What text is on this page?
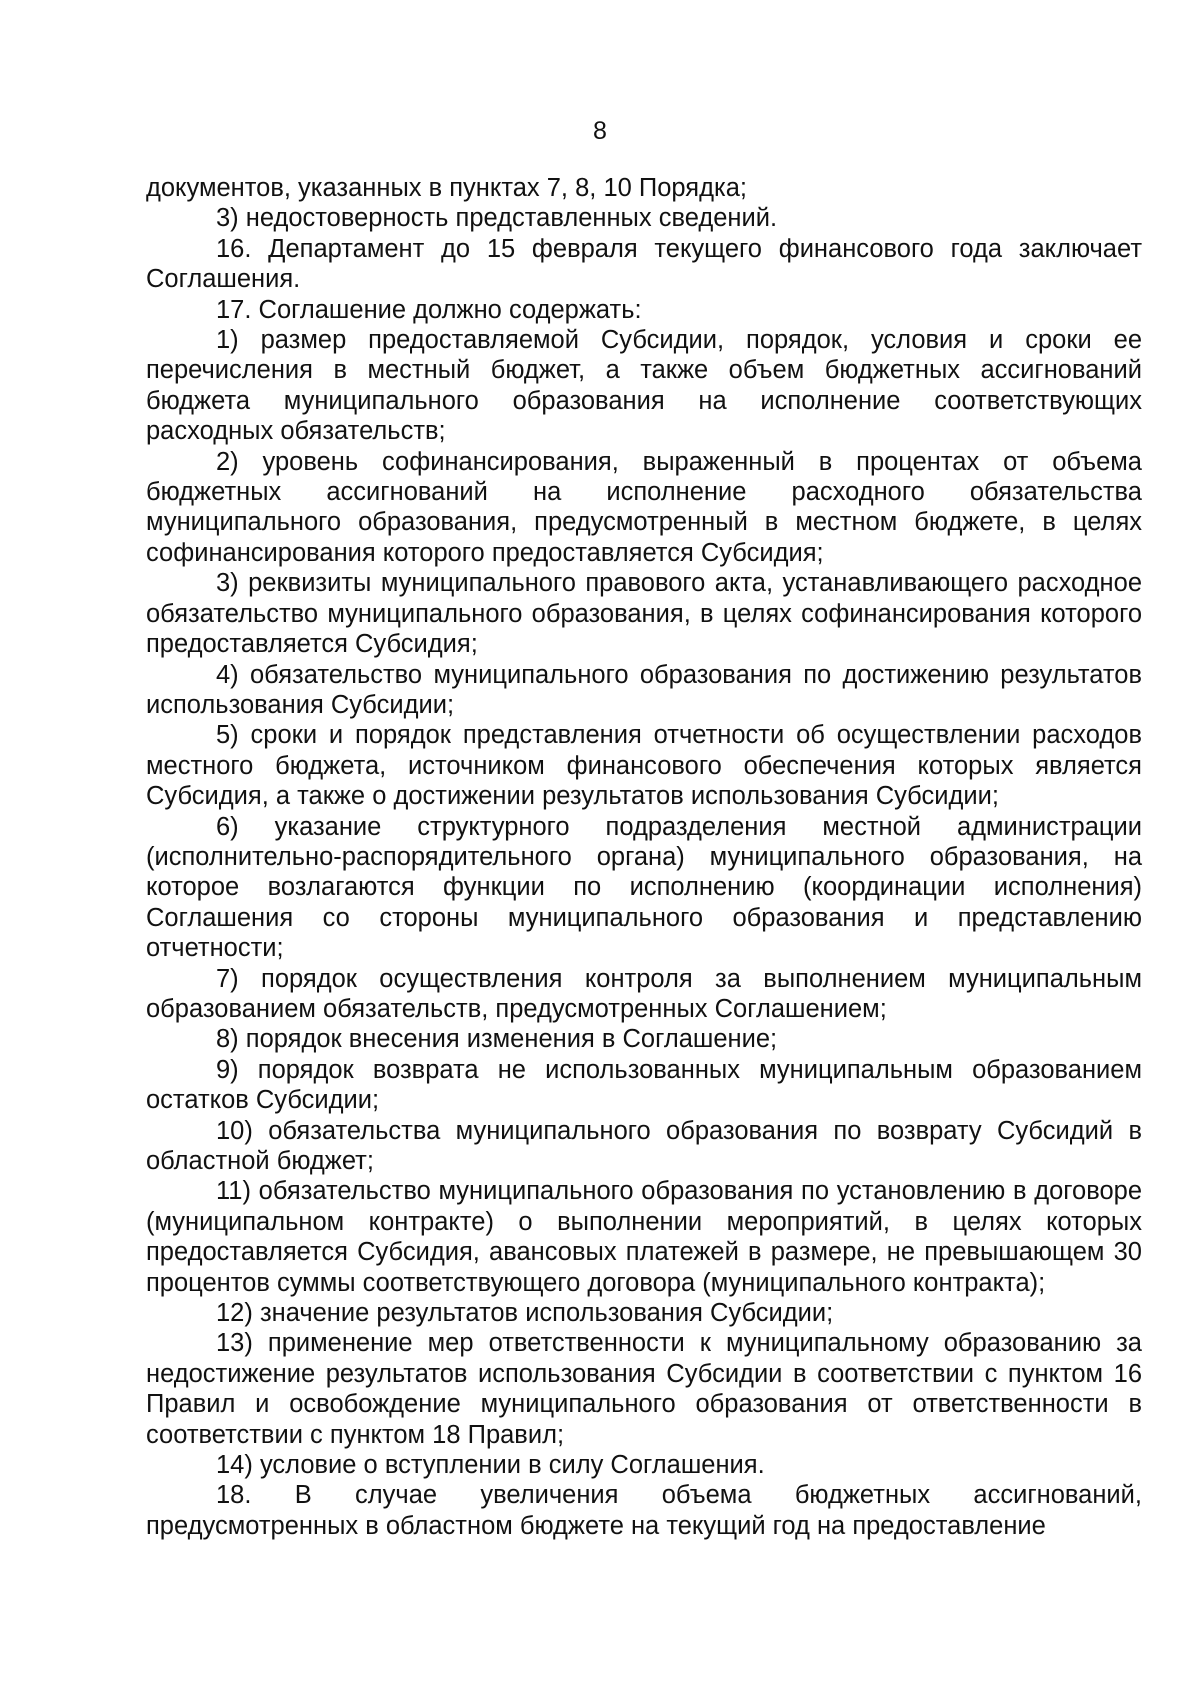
8

документов, указанных в пунктах 7, 8, 10 Порядка;

3) недостоверность представленных сведений.

16. Департамент до 15 февраля текущего финансового года заключает Соглашения.

17. Соглашение должно содержать:

1) размер предоставляемой Субсидии, порядок, условия и сроки ее перечисления в местный бюджет, а также объем бюджетных ассигнований бюджета муниципального образования на исполнение соответствующих расходных обязательств;

2) уровень софинансирования, выраженный в процентах от объема бюджетных ассигнований на исполнение расходного обязательства муниципального образования, предусмотренный в местном бюджете, в целях софинансирования которого предоставляется Субсидия;

3) реквизиты муниципального правового акта, устанавливающего расходное обязательство муниципального образования, в целях софинансирования которого предоставляется Субсидия;

4) обязательство муниципального образования по достижению результатов использования Субсидии;

5) сроки и порядок представления отчетности об осуществлении расходов местного бюджета, источником финансового обеспечения которых является Субсидия, а также о достижении результатов использования Субсидии;

6) указание структурного подразделения местной администрации (исполнительно-распорядительного органа) муниципального образования, на которое возлагаются функции по исполнению (координации исполнения) Соглашения со стороны муниципального образования и представлению отчетности;

7) порядок осуществления контроля за выполнением муниципальным образованием обязательств, предусмотренных Соглашением;

8) порядок внесения изменения в Соглашение;

9) порядок возврата не использованных муниципальным образованием остатков Субсидии;

10) обязательства муниципального образования по возврату Субсидий в областной бюджет;

11) обязательство муниципального образования по установлению в договоре (муниципальном контракте) о выполнении мероприятий, в целях которых предоставляется Субсидия, авансовых платежей в размере, не превышающем 30 процентов суммы соответствующего договора (муниципального контракта);

12) значение результатов использования Субсидии;

13) применение мер ответственности к муниципальному образованию за недостижение результатов использования Субсидии в соответствии с пунктом 16 Правил и освобождение муниципального образования от ответственности в соответствии с пунктом 18 Правил;

14) условие о вступлении в силу Соглашения.

18. В случае увеличения объема бюджетных ассигнований, предусмотренных в областном бюджете на текущий год на предоставление
